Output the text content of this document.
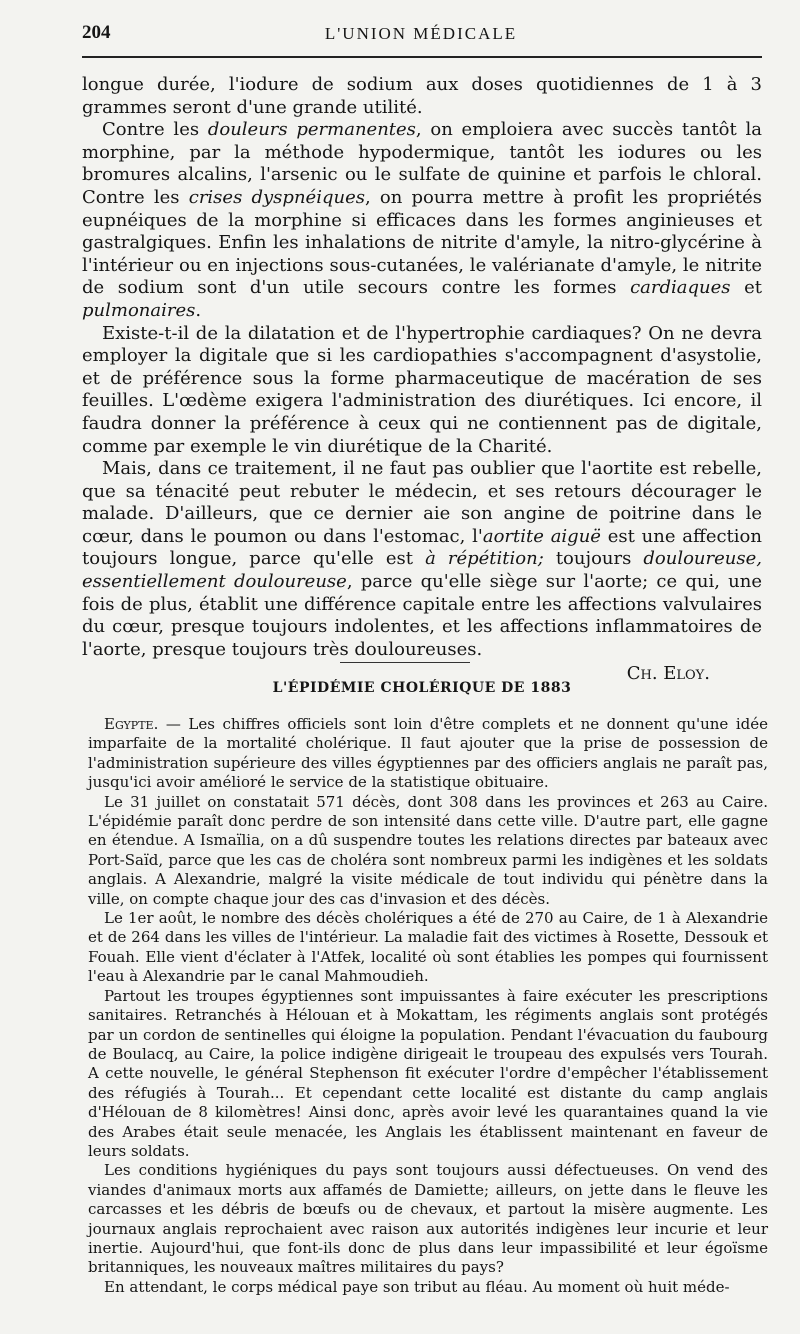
204	L'UNION MÉDICALE

longue durée, l'iodure de sodium aux doses quotidiennes de 1 à 3 grammes seront d'une grande utilité.

Contre les douleurs permanentes, on emploiera avec succès tantôt la morphine, par la méthode hypodermique, tantôt les iodures ou les bromures alcalins, l'arsenic ou le sulfate de quinine et parfois le chloral. Contre les crises dyspnéiques, on pourra mettre à profit les propriétés eupnéiques de la morphine si efficaces dans les formes anginieuses et gastralgiques. Enfin les inhalations de nitrite d'amyle, la nitro-glycérine à l'intérieur ou en injections sous-cutanées, le valérianate d'amyle, le nitrite de sodium sont d'un utile secours contre les formes cardiaques et pulmonaires.

Existe-t-il de la dilatation et de l'hypertrophie cardiaques? On ne devra employer la digitale que si les cardiopathies s'accompagnent d'asystolie, et de préférence sous la forme pharmaceutique de macération de ses feuilles. L'œdème exigera l'administration des diurétiques. Ici encore, il faudra donner la préférence à ceux qui ne contiennent pas de digitale, comme par exemple le vin diurétique de la Charité.

Mais, dans ce traitement, il ne faut pas oublier que l'aortite est rebelle, que sa ténacité peut rebuter le médecin, et ses retours décourager le malade. D'ailleurs, que ce dernier aie son angine de poitrine dans le cœur, dans le poumon ou dans l'estomac, l'aortite aiguë est une affection toujours longue, parce qu'elle est à répétition; toujours douloureuse, essentiellement douloureuse, parce qu'elle siège sur l'aorte; ce qui, une fois de plus, établit une différence capitale entre les affections valvulaires du cœur, presque toujours indolentes, et les affections inflammatoires de l'aorte, presque toujours très douloureuses.

Ch. Eloy.
L'ÉPIDÉMIE CHOLÉRIQUE DE 1883

Egypte. — Les chiffres officiels sont loin d'être complets et ne donnent qu'une idée imparfaite de la mortalité cholérique. Il faut ajouter que la prise de possession de l'administration supérieure des villes égyptiennes par des officiers anglais ne paraît pas, jusqu'ici avoir amélioré le service de la statistique obituaire.

Le 31 juillet on constatait 571 décès, dont 308 dans les provinces et 263 au Caire. L'épidémie paraît donc perdre de son intensité dans cette ville. D'autre part, elle gagne en étendue. A Ismaïlia, on a dû suspendre toutes les relations directes par bateaux avec Port-Saïd, parce que les cas de choléra sont nombreux parmi les indigènes et les soldats anglais. A Alexandrie, malgré la visite médicale de tout individu qui pénètre dans la ville, on compte chaque jour des cas d'invasion et des décès.

Le 1er août, le nombre des décès cholériques a été de 270 au Caire, de 1 à Alexandrie et de 264 dans les villes de l'intérieur. La maladie fait des victimes à Rosette, Dessouk et Fouah. Elle vient d'éclater à l'Atfek, localité où sont établies les pompes qui fournissent l'eau à Alexandrie par le canal Mahmoudieh.

Partout les troupes égyptiennes sont impuissantes à faire exécuter les prescriptions sanitaires. Retranchés à Hélouan et à Mokattam, les régiments anglais sont protégés par un cordon de sentinelles qui éloigne la population. Pendant l'évacuation du faubourg de Boulacq, au Caire, la police indigène dirigeait le troupeau des expulsés vers Tourah. A cette nouvelle, le général Stephenson fit exécuter l'ordre d'empêcher l'établissement des réfugiés à Tourah... Et cependant cette localité est distante du camp anglais d'Hélouan de 8 kilomètres! Ainsi donc, après avoir levé les quarantaines quand la vie des Arabes était seule menacée, les Anglais les établissent maintenant en faveur de leurs soldats.

Les conditions hygiéniques du pays sont toujours aussi défectueuses. On vend des viandes d'animaux morts aux affamés de Damiette; ailleurs, on jette dans le fleuve les carcasses et les débris de bœufs ou de chevaux, et partout la misère augmente. Les journaux anglais reprochaient avec raison aux autorités indigènes leur incurie et leur inertie. Aujourd'hui, que font-ils donc de plus dans leur impassibilité et leur égoïsme britanniques, les nouveaux maîtres militaires du pays?

En attendant, le corps médical paye son tribut au fléau. Au moment où huit méde-
